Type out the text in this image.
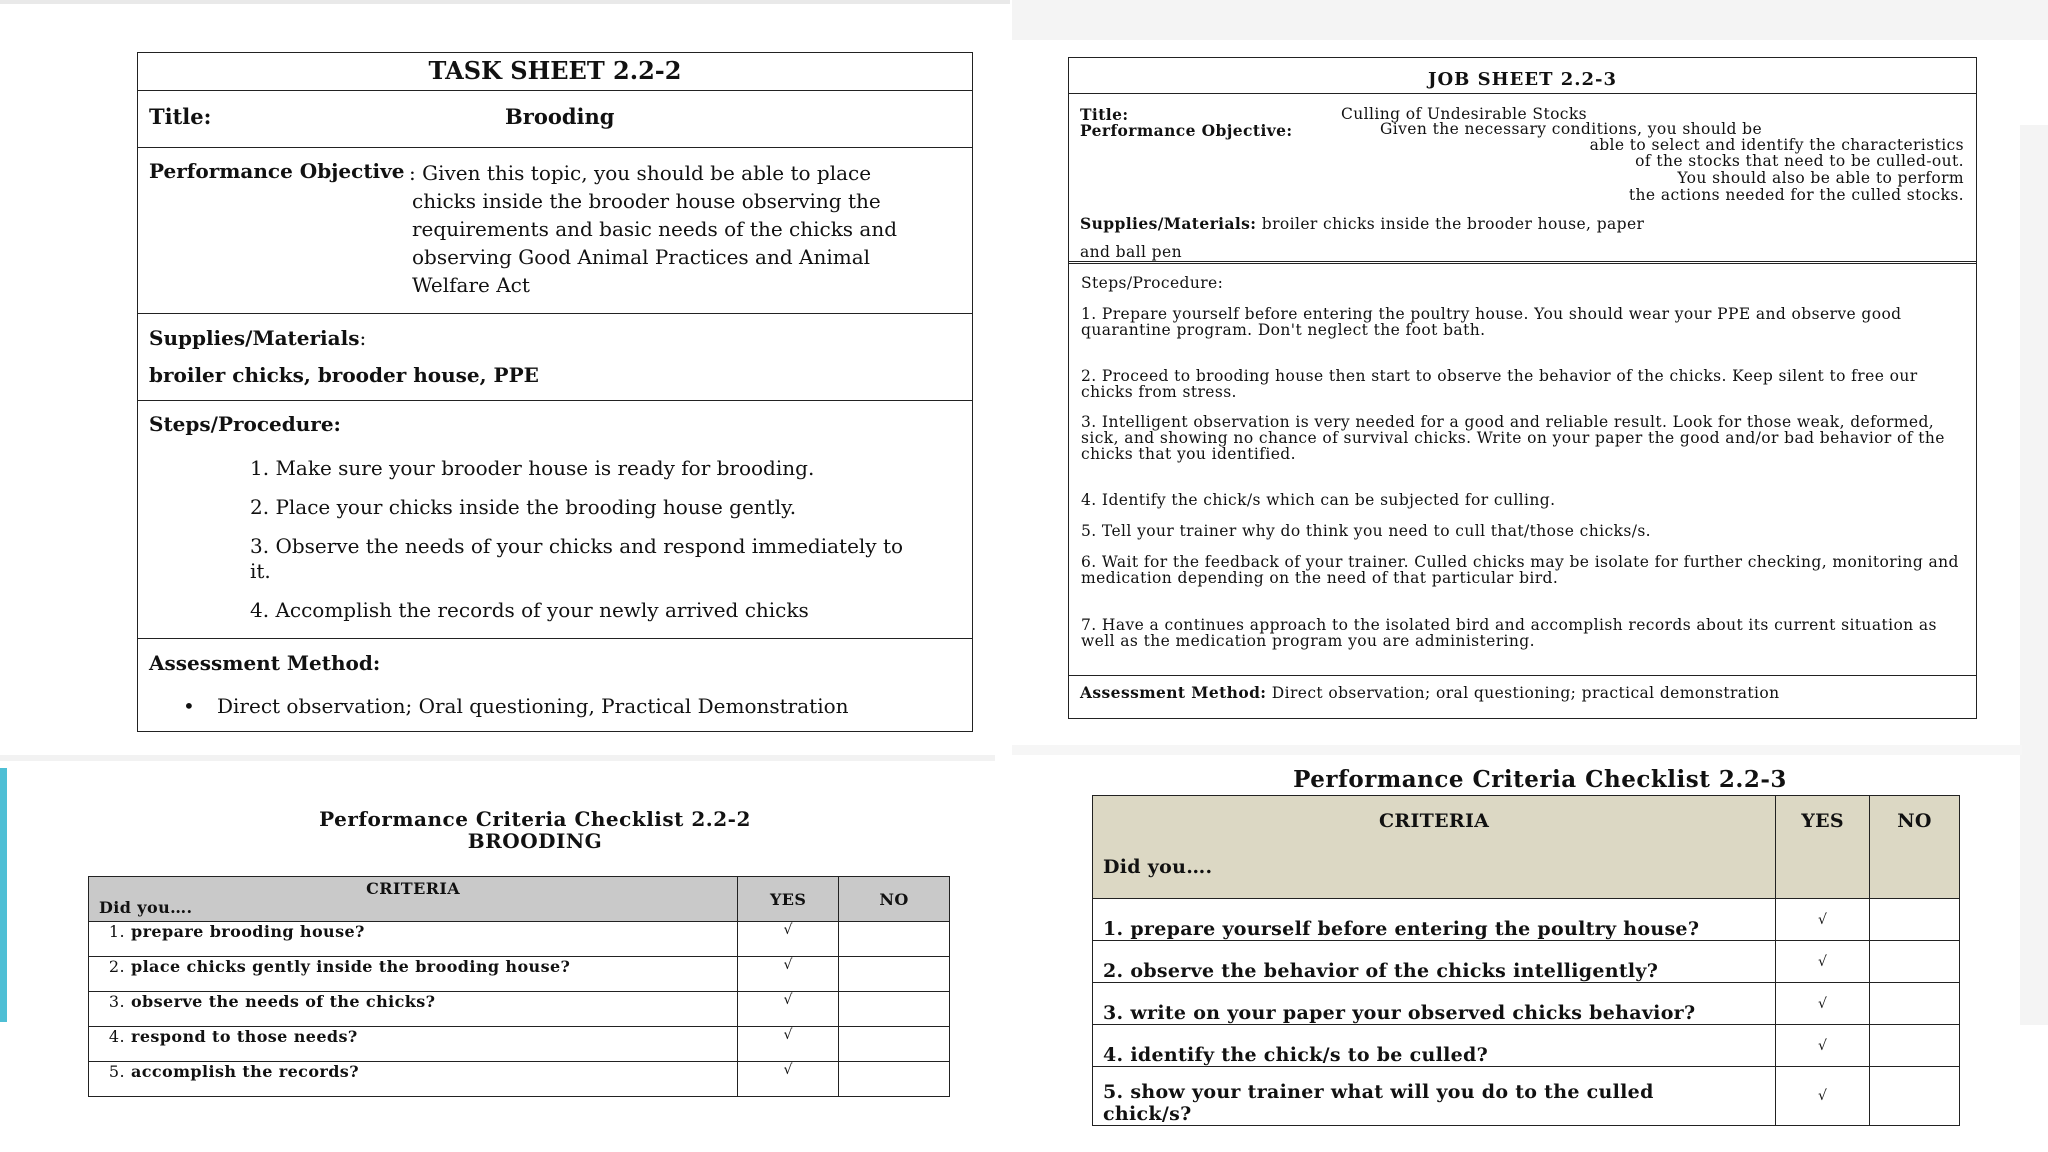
TASK SHEET 2.2-2
Title:	Brooding
Performance Objective : Given this topic, you should be able to place
chicks inside the brooder house observing the
requirements and basic needs of the chicks and
observing Good Animal Practices and Animal
Welfare Act
Supplies/Materials:
broiler chicks, brooder house, PPE
Steps/Procedure:
1. Make sure your brooder house is ready for brooding.
2. Place your chicks inside the brooding house gently.
3. Observe the needs of your chicks and respond immediately to
it.
4. Accomplish the records of your newly arrived chicks
Assessment Method:
• Direct observation; Oral questioning, Practical Demonstration
JOB SHEET 2.2-3
Title:	Culling of Undesirable Stocks
Performance Objective:	Given the necessary conditions, you should be
able to select and identify the characteristics
of the stocks that need to be culled-out.
You should also be able to perform
the actions needed for the culled stocks.
Supplies/Materials: broiler chicks inside the brooder house, paper
and ball pen

Steps/Procedure:

1. Prepare yourself before entering the poultry house. You should wear your PPE and observe good quarantine program. Don't neglect the foot bath.

2. Proceed to brooding house then start to observe the behavior of the chicks. Keep silent to free our chicks from stress.

3. Intelligent observation is very needed for a good and reliable result. Look for those weak, deformed, sick, and showing no chance of survival chicks. Write on your paper the good and/or bad behavior of the chicks that you identified.

4. Identify the chick/s which can be subjected for culling.

5. Tell your trainer why do think you need to cull that/those chicks/s.

6. Wait for the feedback of your trainer. Culled chicks may be isolate for further checking, monitoring and medication depending on the need of that particular bird.

7. Have a continues approach to the isolated bird and accomplish records about its current situation as well as the medication program you are administering.

Assessment Method: Direct observation; oral questioning; practical demonstration
Performance Criteria Checklist 2.2-2
BROODING
CRITERIA
Did you….	YES	NO
1. prepare brooding house?	√	
2. place chicks gently inside the brooding house?	√	
3. observe the needs of the chicks?	√	
4. respond to those needs?	√	
5. accomplish the records?	√	
Performance Criteria Checklist 2.2-3
CRITERIA
Did you….	YES	NO
1. prepare yourself before entering the poultry house?	√	
2. observe the behavior of the chicks intelligently?	√	
3. write on your paper your observed chicks behavior?	√	
4. identify the chick/s to be culled?	√	
5. show your trainer what will you do to the culled chick/s?	√	
